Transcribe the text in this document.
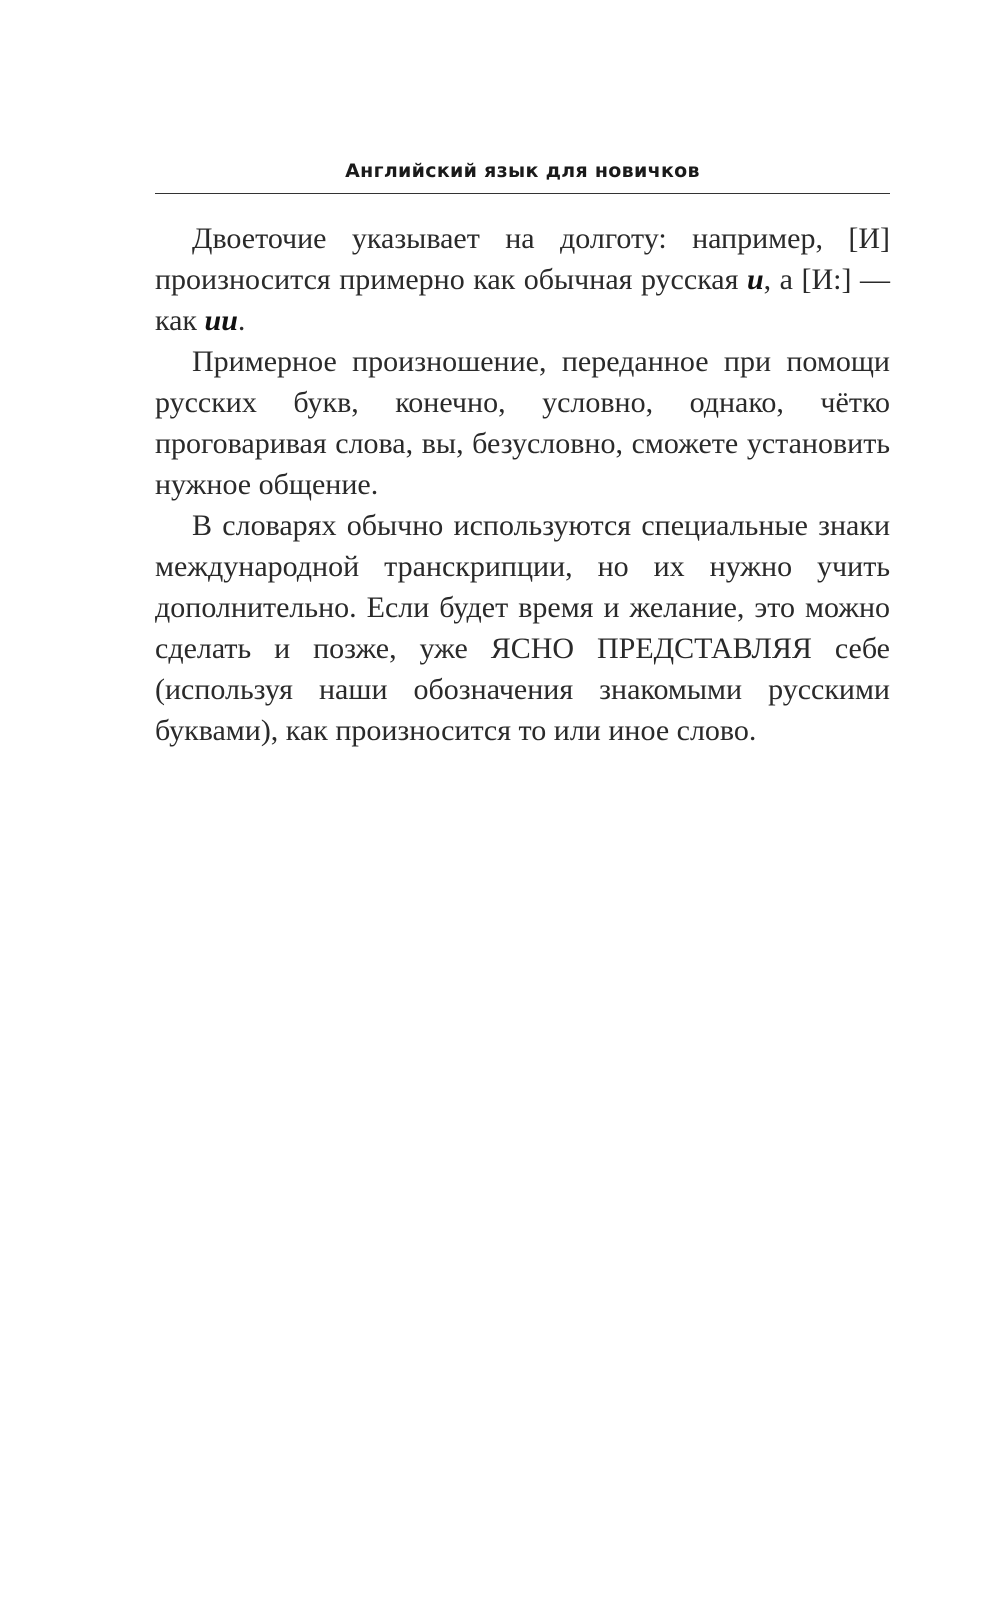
Английский язык для новичков

Двоеточие указывает на долготу: например, [И] произносится примерно как обычная русская и, а [И:] — как ии.

Примерное произношение, переданное при помощи русских букв, конечно, условно, однако, чётко проговаривая слова, вы, безусловно, сможете установить нужное общение.

В словарях обычно используются специальные знаки международной транскрипции, но их нужно учить дополнительно. Если будет время и желание, это можно сделать и позже, уже ЯСНО ПРЕДСТАВЛЯЯ себе (используя наши обозначения знакомыми русскими буквами), как произносится то или иное слово.
